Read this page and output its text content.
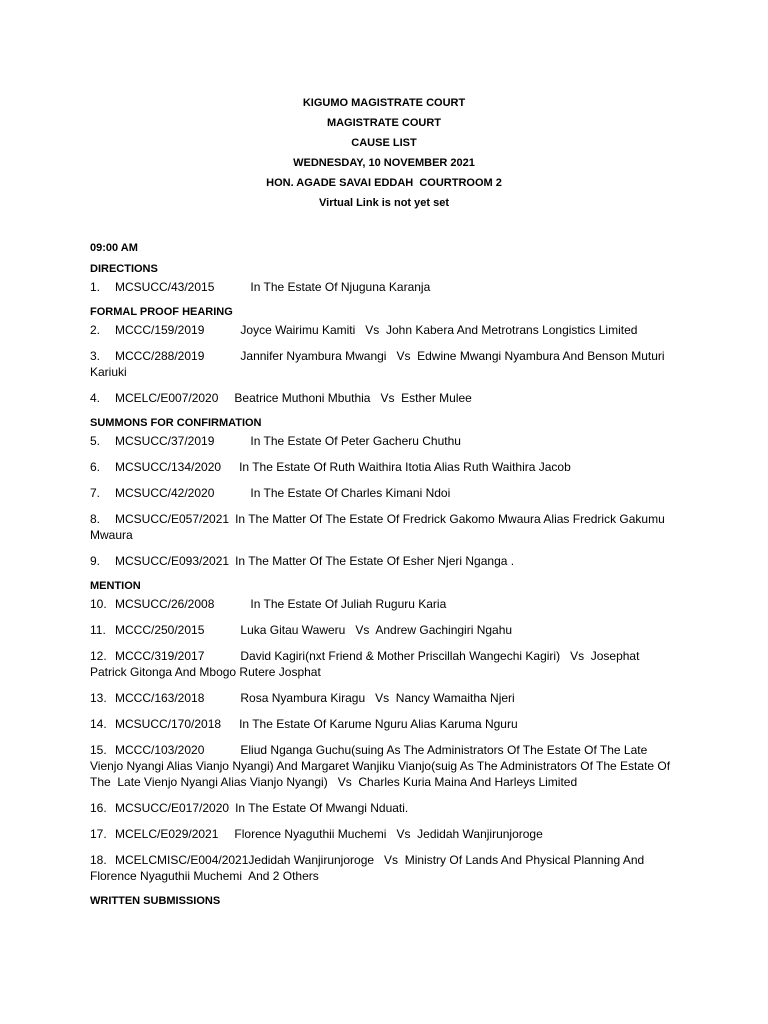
KIGUMO MAGISTRATE COURT
MAGISTRATE COURT
CAUSE LIST
WEDNESDAY, 10 NOVEMBER 2021
HON. AGADE SAVAI EDDAH  COURTROOM 2
Virtual Link is not yet set
09:00 AM
DIRECTIONS
1. MCSUCC/43/2015	In The Estate Of Njuguna Karanja
FORMAL PROOF HEARING
2. MCCC/159/2019	Joyce Wairimu Kamiti   Vs  John Kabera And Metrotrans Longistics Limited
3. MCCC/288/2019	Jannifer Nyambura Mwangi   Vs  Edwine Mwangi Nyambura And Benson Muturi Kariuki
4. MCELC/E007/2020 Beatrice Muthoni Mbuthia   Vs  Esther Mulee
SUMMONS FOR CONFIRMATION
5. MCSUCC/37/2019	In The Estate Of Peter Gacheru Chuthu
6. MCSUCC/134/2020 In The Estate Of Ruth Waithira Itotia Alias Ruth Waithira Jacob
7. MCSUCC/42/2020	In The Estate Of Charles Kimani Ndoi
8. MCSUCC/E057/2021 In The Matter Of The Estate Of Fredrick Gakomo Mwaura Alias Fredrick Gakumu Mwaura
9. MCSUCC/E093/2021 In The Matter Of The Estate Of Esher Njeri Nganga .
MENTION
10. MCSUCC/26/2008	In The Estate Of Juliah Ruguru Karia
11. MCCC/250/2015	Luka Gitau Waweru   Vs  Andrew Gachingiri Ngahu
12. MCCC/319/2017	David Kagiri(nxt Friend & Mother Priscillah Wangechi Kagiri)   Vs  Josephat Patrick Gitonga And Mbogo Rutere Josphat
13. MCCC/163/2018	Rosa Nyambura Kiragu   Vs  Nancy Wamaitha Njeri
14. MCSUCC/170/2018 In The Estate Of Karume Nguru Alias Karuma Nguru
15. MCCC/103/2020	Eliud Nganga Guchu(suing As The Administrators Of The Estate Of The Late Vienjo Nyangi Alias Vianjo Nyangi) And Margaret Wanjiku Vianjo(suig As The Administrators Of The Estate Of The  Late Vienjo Nyangi Alias Vianjo Nyangi)   Vs  Charles Kuria Maina And Harleys Limited
16. MCSUCC/E017/2020 In The Estate Of Mwangi Nduati.
17. MCELC/E029/2021 Florence Nyaguthii Muchemi   Vs  Jedidah Wanjirunjoroge
18. MCELCMISC/E004/2021Jedidah Wanjirunjoroge   Vs  Ministry Of Lands And Physical Planning And Florence Nyaguthii Muchemi  And 2 Others
WRITTEN SUBMISSIONS
